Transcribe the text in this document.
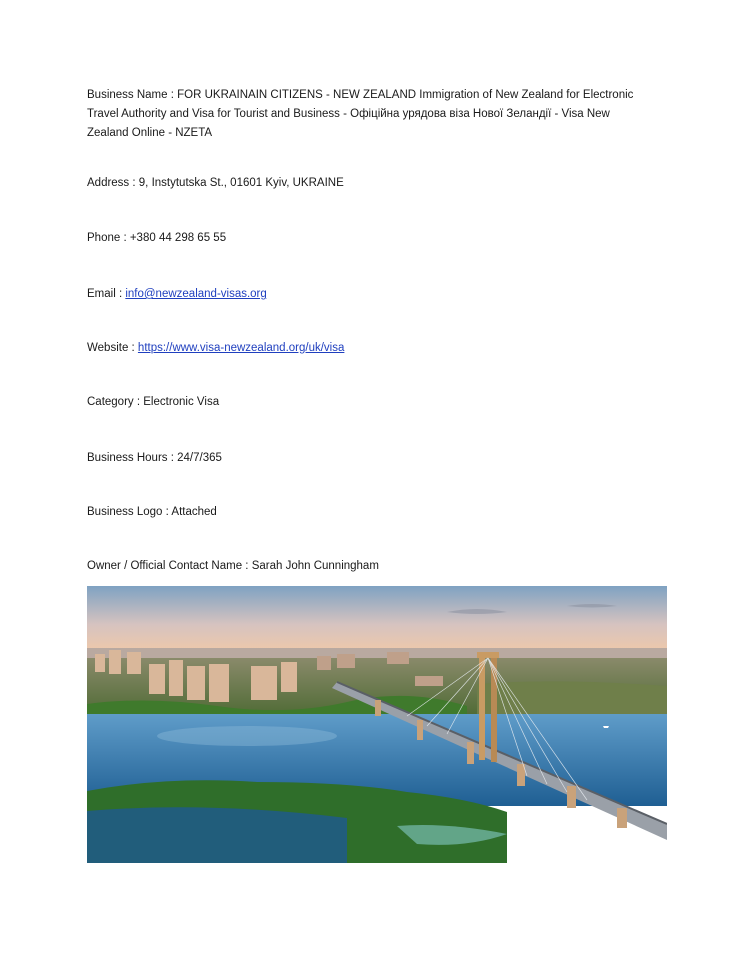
Business Name : FOR UKRAINAIN CITIZENS - NEW ZEALAND Immigration of New Zealand for Electronic Travel Authority and Visa for Tourist and Business - Офіційна урядова віза Нової Зеландії - Visa New Zealand Online - NZETA
Address : 9, Instytutska St., 01601 Kyiv, UKRAINE
Phone : +380 44 298 65 55
Email : info@newzealand-visas.org
Website : https://www.visa-newzealand.org/uk/visa
Category : Electronic Visa
Business Hours : 24/7/365
Business Logo : Attached
Owner / Official Contact Name : Sarah John Cunningham
